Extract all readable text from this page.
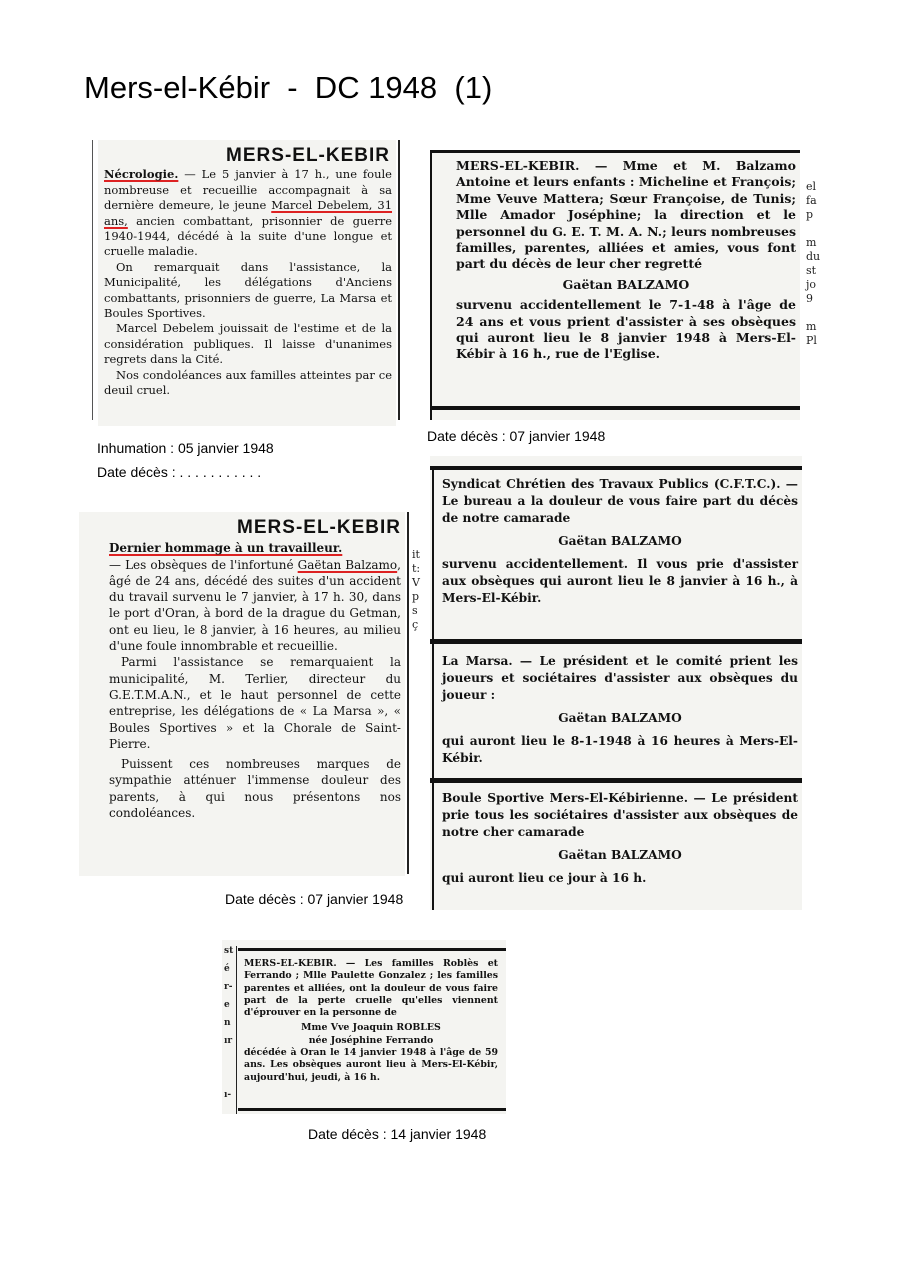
Mers-el-Kébir  -  DC 1948  (1)
MERS-EL-KEBIR

Nécrologie. — Le 5 janvier à 17 h., une foule nombreuse et recueillie accompagnait à sa dernière demeure, le jeune Marcel Debelem, 31 ans, ancien combattant, prisonnier de guerre 1940-1944, décédé à la suite d'une longue et cruelle maladie.

On remarquait dans l'assistance, la Municipalité, les délégations d'Anciens combattants, prisonniers de guerre, La Marsa et Boules Sportives.

Marcel Debelem jouissait de l'estime et de la considération publiques. Il laisse d'unanimes regrets dans la Cité.

Nos condoléances aux familles atteintes par ce deuil cruel.

Inhumation : 05 janvier 1948
Date décès : . . . . . . . . . . .

MERS-EL-KEBIR. — Mme et M. Balzamo Antoine et leurs enfants : Micheline et François; Mme Veuve Mattera; Sœur Françoise, de Tunis; Mlle Amador Joséphine; la direction et le personnel du G. E. T. M. A. N.; leurs nombreuses familles, parentes, alliées et amies, vous font part du décès de leur cher regretté

Gaëtan BALZAMO

survenu accidentellement le 7-1-48 à l'âge de 24 ans et vous prient d'assister à ses obsèques qui auront lieu le 8 janvier 1948 à Mers-El-Kébir à 16 h., rue de l'Eglise.

el
fa
p

m
du
st
jo
9

m
Pl
Date décès : 07 janvier 1948
MERS-EL-KEBIR

Dernier hommage à un travailleur.

— Les obsèques de l'infortuné Gaëtan Balzamo, âgé de 24 ans, décédé des suites d'un accident du travail survenu le 7 janvier, à 17 h. 30, dans le port d'Oran, à bord de la drague du Getman, ont eu lieu, le 8 janvier, à 16 heures, au milieu d'une foule innombrable et recueillie.

Parmi l'assistance se remarquaient la municipalité, M. Terlier, directeur du G.E.T.M.A.N., et le haut personnel de cette entreprise, les délégations de « La Marsa », « Boules Sportives » et la Chorale de Saint-Pierre.

Puissent ces nombreuses marques de sympathie atténuer l'immense douleur des parents, à qui nous présentons nos condoléances.

it
t:
V
p
s
ç
Date décès : 07 janvier 1948

Syndicat Chrétien des Travaux Publics (C.F.T.C.). — Le bureau a la douleur de vous faire part du décès de notre camarade

Gaëtan BALZAMO

survenu accidentellement. Il vous prie d'assister aux obsèques qui auront lieu le 8 janvier à 16 h., à Mers-El-Kébir.

La Marsa. — Le président et le comité prient les joueurs et sociétaires d'assister aux obsèques du joueur :

Gaëtan BALZAMO

qui auront lieu le 8-1-1948 à 16 heures à Mers-El-Kébir.

Boule Sportive Mers-El-Kébirienne. — Le président prie tous les sociétaires d'assister aux obsèques de notre cher camarade

Gaëtan BALZAMO

qui auront lieu ce jour à 16 h.

st
é
r-
e
n
ır

ı-

MERS-EL-KEBIR. — Les familles Roblès et Ferrando ; Mlle Paulette Gonzalez ; les familles parentes et alliées, ont la douleur de vous faire part de la perte cruelle qu'elles viennent d'éprouver en la personne de

Mme Vve Joaquin ROBLES

née Joséphine Ferrando

décédée à Oran le 14 janvier 1948 à l'âge de 59 ans. Les obsèques auront lieu à Mers-El-Kébir, aujourd'hui, jeudi, à 16 h.

Date décès : 14 janvier 1948
